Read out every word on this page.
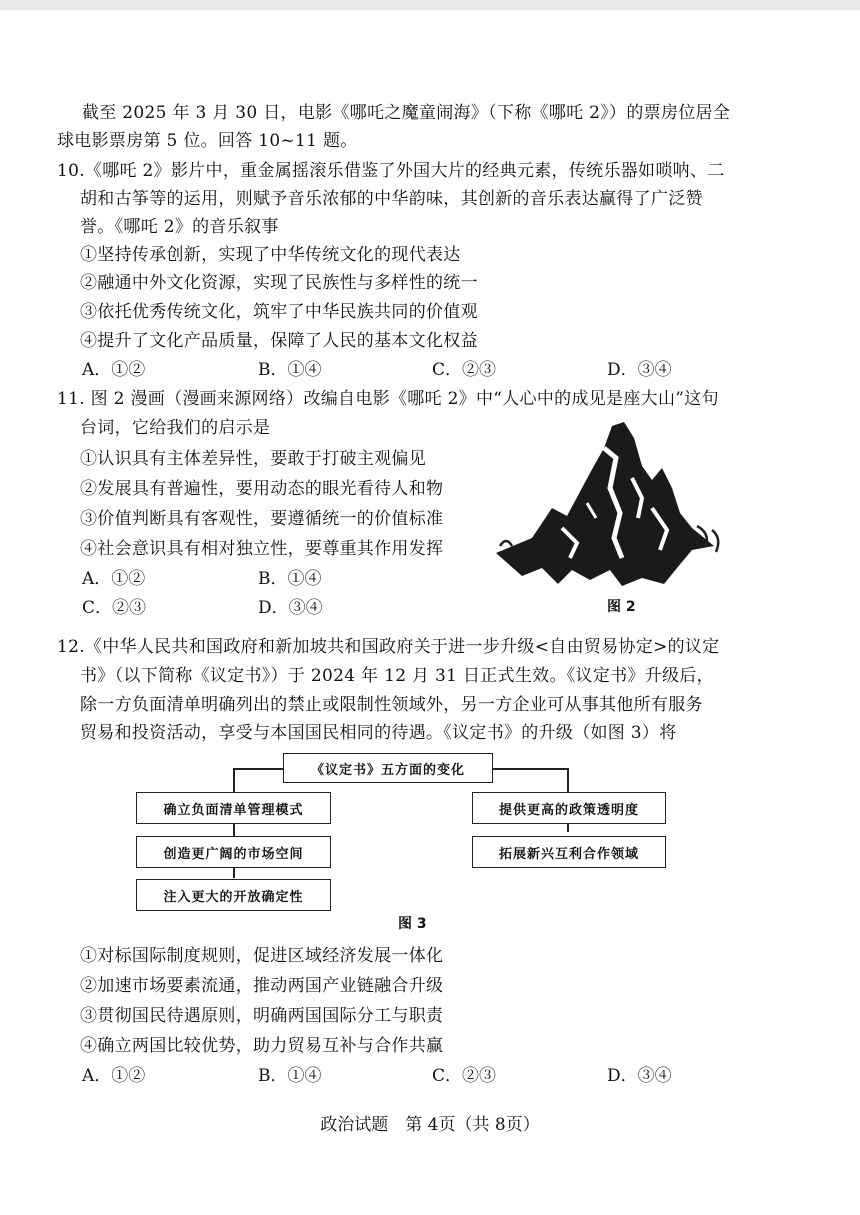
截至 2025 年 3 月 30 日，电影《哪吒之魔童闹海》（下称《哪吒 2》）的票房位居全
球电影票房第 5 位。回答 10~11 题。
10.《哪吒 2》影片中，重金属摇滚乐借鉴了外国大片的经典元素，传统乐器如唢呐、二
胡和古筝等的运用，则赋予音乐浓郁的中华韵味，其创新的音乐表达赢得了广泛赞
誉。《哪吒 2》的音乐叙事
①坚持传承创新，实现了中华传统文化的现代表达
②融通中外文化资源，实现了民族性与多样性的统一
③依托优秀传统文化，筑牢了中华民族共同的价值观
④提升了文化产品质量，保障了人民的基本文化权益
A．①②	B．①④	C．②③	D．③④
11. 图 2 漫画（漫画来源网络）改编自电影《哪吒 2》中“人心中的成见是座大山”这句
台词，它给我们的启示是
①认识具有主体差异性，要敢于打破主观偏见
②发展具有普遍性，要用动态的眼光看待人和物
③价值判断具有客观性，要遵循统一的价值标准
④社会意识具有相对独立性，要尊重其作用发挥
A．①②	B．①④
C．②③	D．③④	图 2
12.《中华人民共和国政府和新加坡共和国政府关于进一步升级<自由贸易协定>的议定
书》（以下简称《议定书》）于 2024 年 12 月 31 日正式生效。《议定书》升级后，
除一方负面清单明确列出的禁止或限制性领域外，另一方企业可从事其他所有服务
贸易和投资活动，享受与本国国民相同的待遇。《议定书》的升级（如图 3）将
《议定书》五方面的变化
确立负面清单管理模式
创造更广阔的市场空间
注入更大的开放确定性
提供更高的政策透明度
拓展新兴互利合作领域
图 3
①对标国际制度规则，促进区域经济发展一体化
②加速市场要素流通，推动两国产业链融合升级
③贯彻国民待遇原则，明确两国国际分工与职责
④确立两国比较优势，助力贸易互补与合作共赢
A．①②	B．①④	C．②③	D．③④
政治试题　第 4页（共 8页）
